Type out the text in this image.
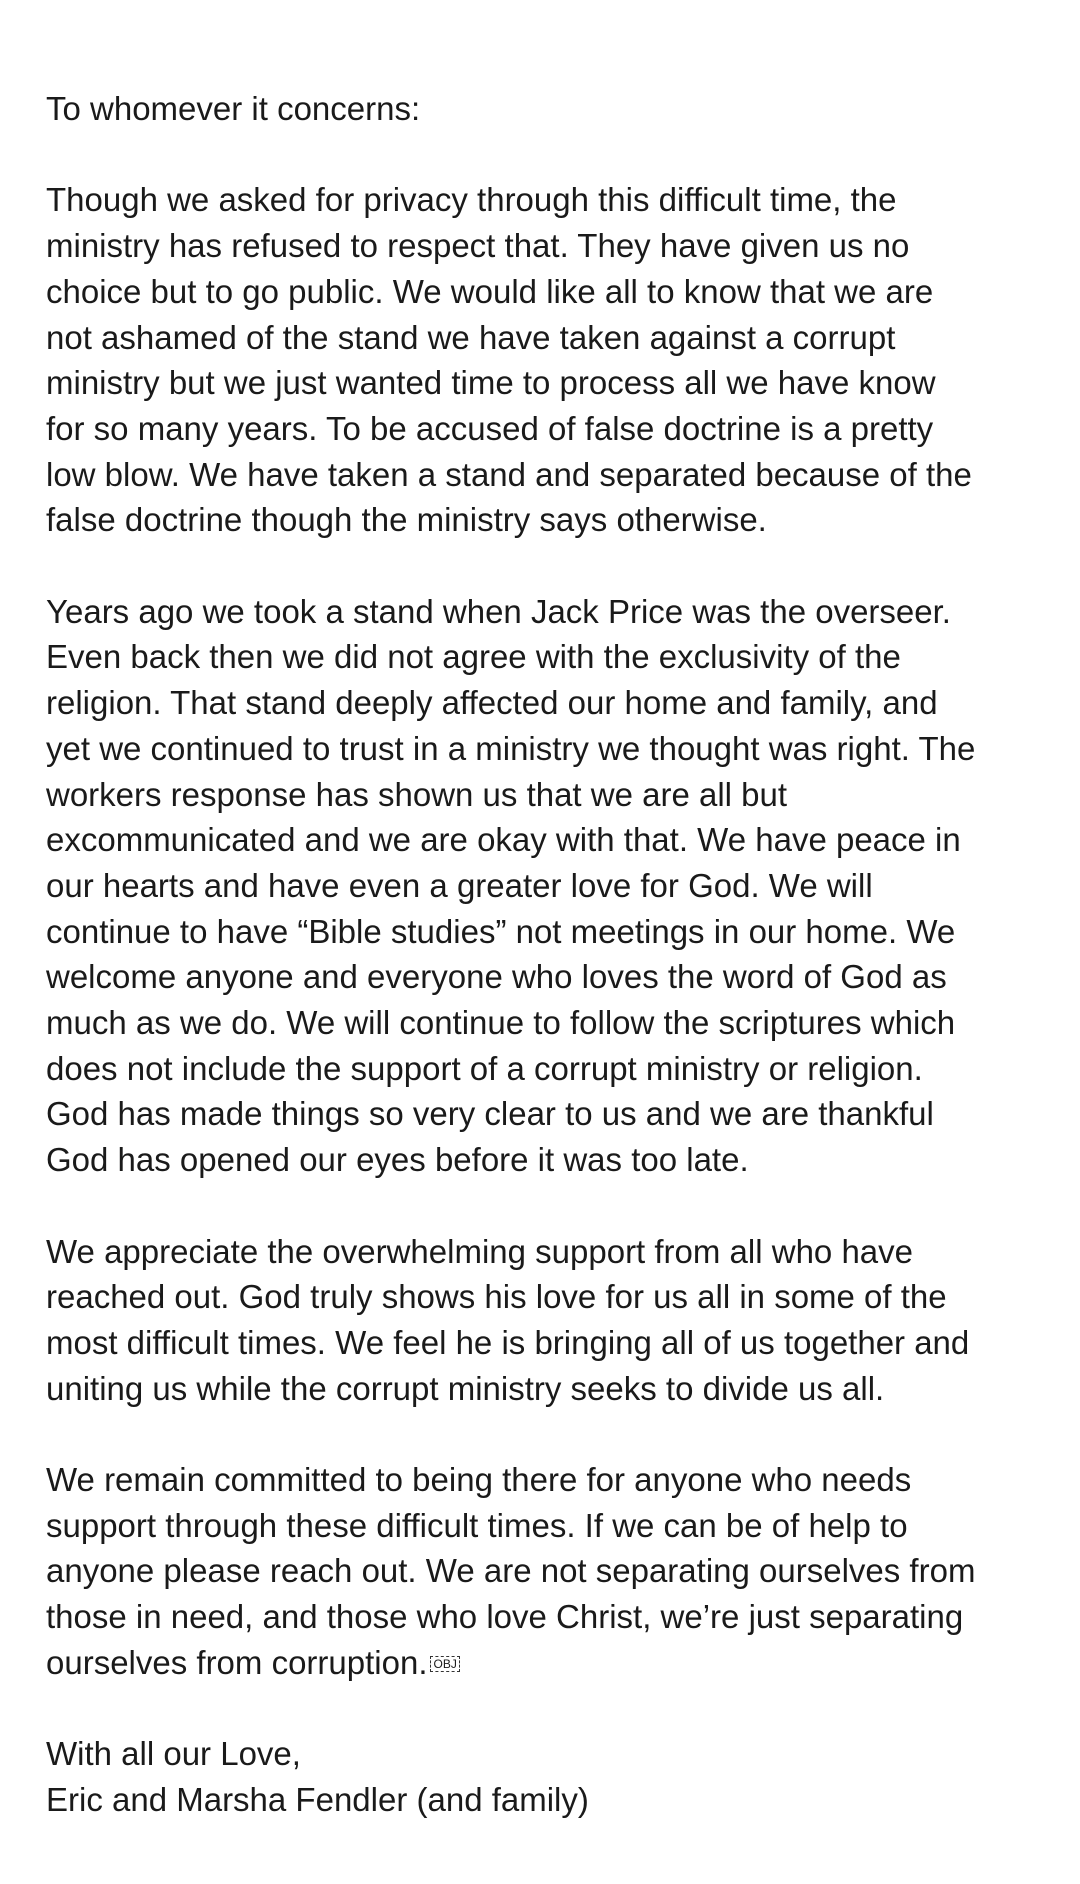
To whomever it concerns:

Though we asked for privacy through this difficult time, the
ministry has refused to respect that. They have given us no
choice but to go public. We would like all to know that we are
not ashamed of the stand we have taken against a corrupt
ministry but we just wanted time to process all we have know
for so many years. To be accused of false doctrine is a pretty
low blow. We have taken a stand and separated because of the
false doctrine though the ministry says otherwise.

Years ago we took a stand when Jack Price was the overseer.
Even back then we did not agree with the exclusivity of the
religion. That stand deeply affected our home and family, and
yet we continued to trust in a ministry we thought was right. The
workers response has shown us that we are all but
excommunicated and we are okay with that. We have peace in
our hearts and have even a greater love for God. We will
continue to have “Bible studies” not meetings in our home. We
welcome anyone and everyone who loves the word of God as
much as we do. We will continue to follow the scriptures which
does not include the support of a corrupt ministry or religion.
God has made things so very clear to us and we are thankful
God has opened our eyes before it was too late.

We appreciate the overwhelming support from all who have
reached out. God truly shows his love for us all in some of the
most difficult times. We feel he is bringing all of us together and
uniting us while the corrupt ministry seeks to divide us all.

We remain committed to being there for anyone who needs
support through these difficult times. If we can be of help to
anyone please reach out. We are not separating ourselves from
those in need, and those who love Christ, we’re just separating
ourselves from corruption. OBJ

With all our Love,

Eric and Marsha Fendler (and family)
